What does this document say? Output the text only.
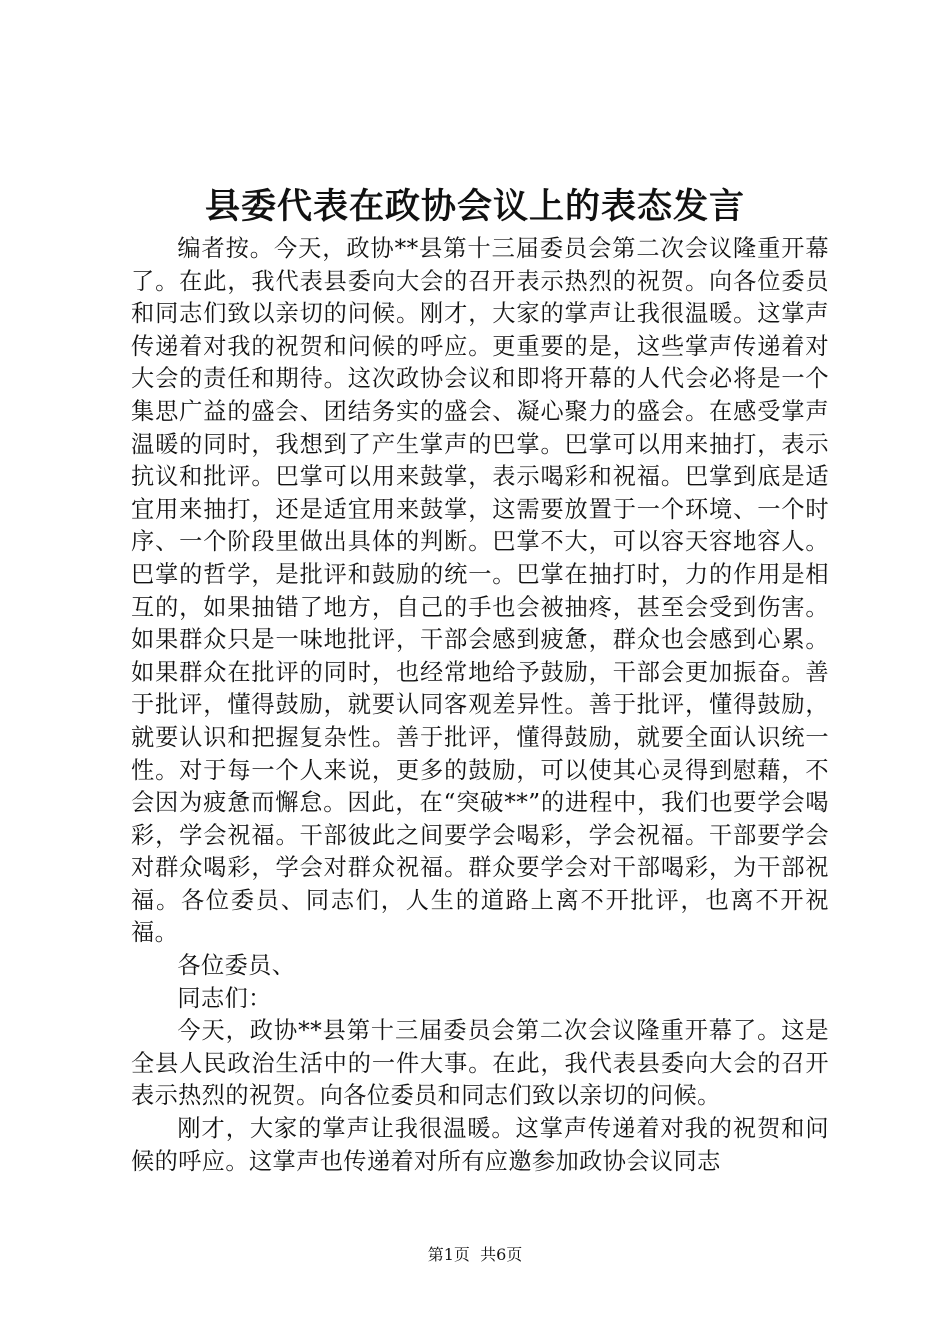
县委代表在政协会议上的表态发言

编者按。今天，政协**县第十三届委员会第二次会议隆重开幕了。在此，我代表县委向大会的召开表示热烈的祝贺。向各位委员和同志们致以亲切的问候。刚才，大家的掌声让我很温暖。这掌声传递着对我的祝贺和问候的呼应。更重要的是，这些掌声传递着对大会的责任和期待。这次政协会议和即将开幕的人代会必将是一个集思广益的盛会、团结务实的盛会、凝心聚力的盛会。在感受掌声温暖的同时，我想到了产生掌声的巴掌。巴掌可以用来抽打，表示抗议和批评。巴掌可以用来鼓掌，表示喝彩和祝福。巴掌到底是适宜用来抽打，还是适宜用来鼓掌，这需要放置于一个环境、一个时序、一个阶段里做出具体的判断。巴掌不大，可以容天容地容人。巴掌的哲学，是批评和鼓励的统一。巴掌在抽打时，力的作用是相互的，如果抽错了地方，自己的手也会被抽疼，甚至会受到伤害。如果群众只是一味地批评，干部会感到疲惫，群众也会感到心累。如果群众在批评的同时，也经常地给予鼓励，干部会更加振奋。善于批评，懂得鼓励，就要认同客观差异性。善于批评，懂得鼓励，就要认识和把握复杂性。善于批评，懂得鼓励，就要全面认识统一性。对于每一个人来说，更多的鼓励，可以使其心灵得到慰藉，不会因为疲惫而懈怠。因此，在“突破**”的进程中，我们也要学会喝彩，学会祝福。干部彼此之间要学会喝彩，学会祝福。干部要学会对群众喝彩，学会对群众祝福。群众要学会对干部喝彩，为干部祝福。各位委员、同志们，人生的道路上离不开批评，也离不开祝福。

各位委员、

同志们：

今天，政协**县第十三届委员会第二次会议隆重开幕了。这是全县人民政治生活中的一件大事。在此，我代表县委向大会的召开表示热烈的祝贺。向各位委员和同志们致以亲切的问候。

刚才，大家的掌声让我很温暖。这掌声传递着对我的祝贺和问候的呼应。这掌声也传递着对所有应邀参加政协会议同志

第1页 共6页
